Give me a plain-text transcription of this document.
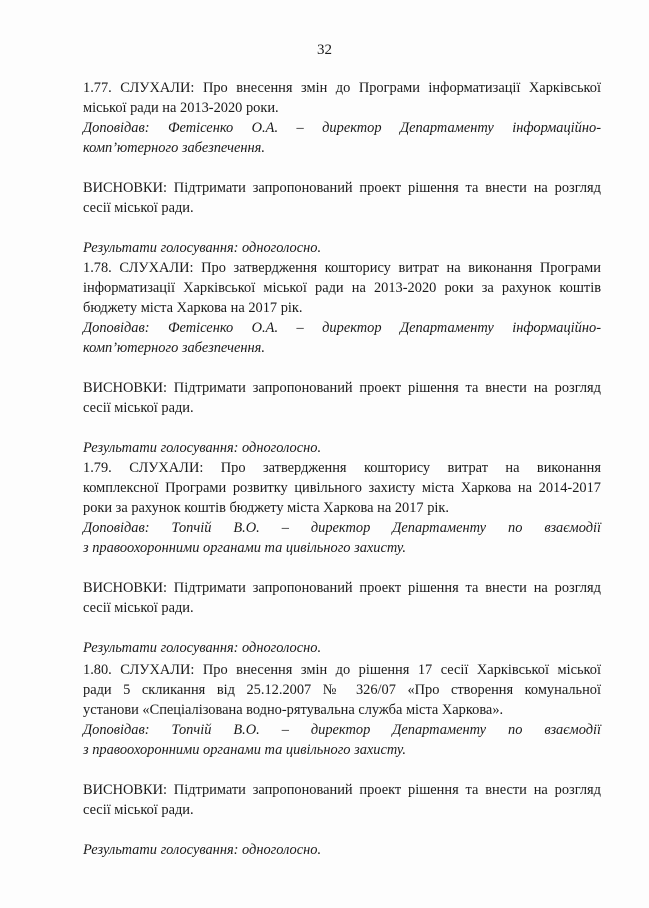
32

1.77. СЛУХАЛИ: Про внесення змін до Програми інформатизації Харківської

міської ради на 2013-2020 роки.

Доповідав: Фетісенко О.А. – директор Департаменту інформаційно-

комп’ютерного забезпечення.

ВИСНОВКИ: Підтримати запропонований проект рішення та внести на розгляд

сесії міської ради.

Результати голосування: одноголосно.

1.78. СЛУХАЛИ: Про затвердження кошторису витрат на виконання Програми

інформатизації Харківської міської ради на 2013-2020 роки за рахунок коштів

бюджету міста Харкова на 2017 рік.

Доповідав: Фетісенко О.А. – директор Департаменту інформаційно-

комп’ютерного забезпечення.

ВИСНОВКИ: Підтримати запропонований проект рішення та внести на розгляд

сесії міської ради.

Результати голосування: одноголосно.

1.79. СЛУХАЛИ: Про затвердження кошторису витрат на виконання

комплексної Програми розвитку цивільного захисту міста Харкова на 2014-2017

роки за рахунок коштів бюджету міста Харкова на 2017 рік.

Доповідав: Топчій В.О. – директор Департаменту по взаємодії

з правоохоронними органами та цивільного захисту.

ВИСНОВКИ: Підтримати запропонований проект рішення та внести на розгляд

сесії міської ради.

Результати голосування: одноголосно.

1.80. СЛУХАЛИ: Про внесення змін до рішення 17 сесії Харківської міської

ради 5 скликання від 25.12.2007 № 326/07 «Про створення комунальної

установи «Спеціалізована водно-рятувальна служба міста Харкова».

Доповідав: Топчій В.О. – директор Департаменту по взаємодії

з правоохоронними органами та цивільного захисту.

ВИСНОВКИ: Підтримати запропонований проект рішення та внести на розгляд

сесії міської ради.

Результати голосування: одноголосно.
